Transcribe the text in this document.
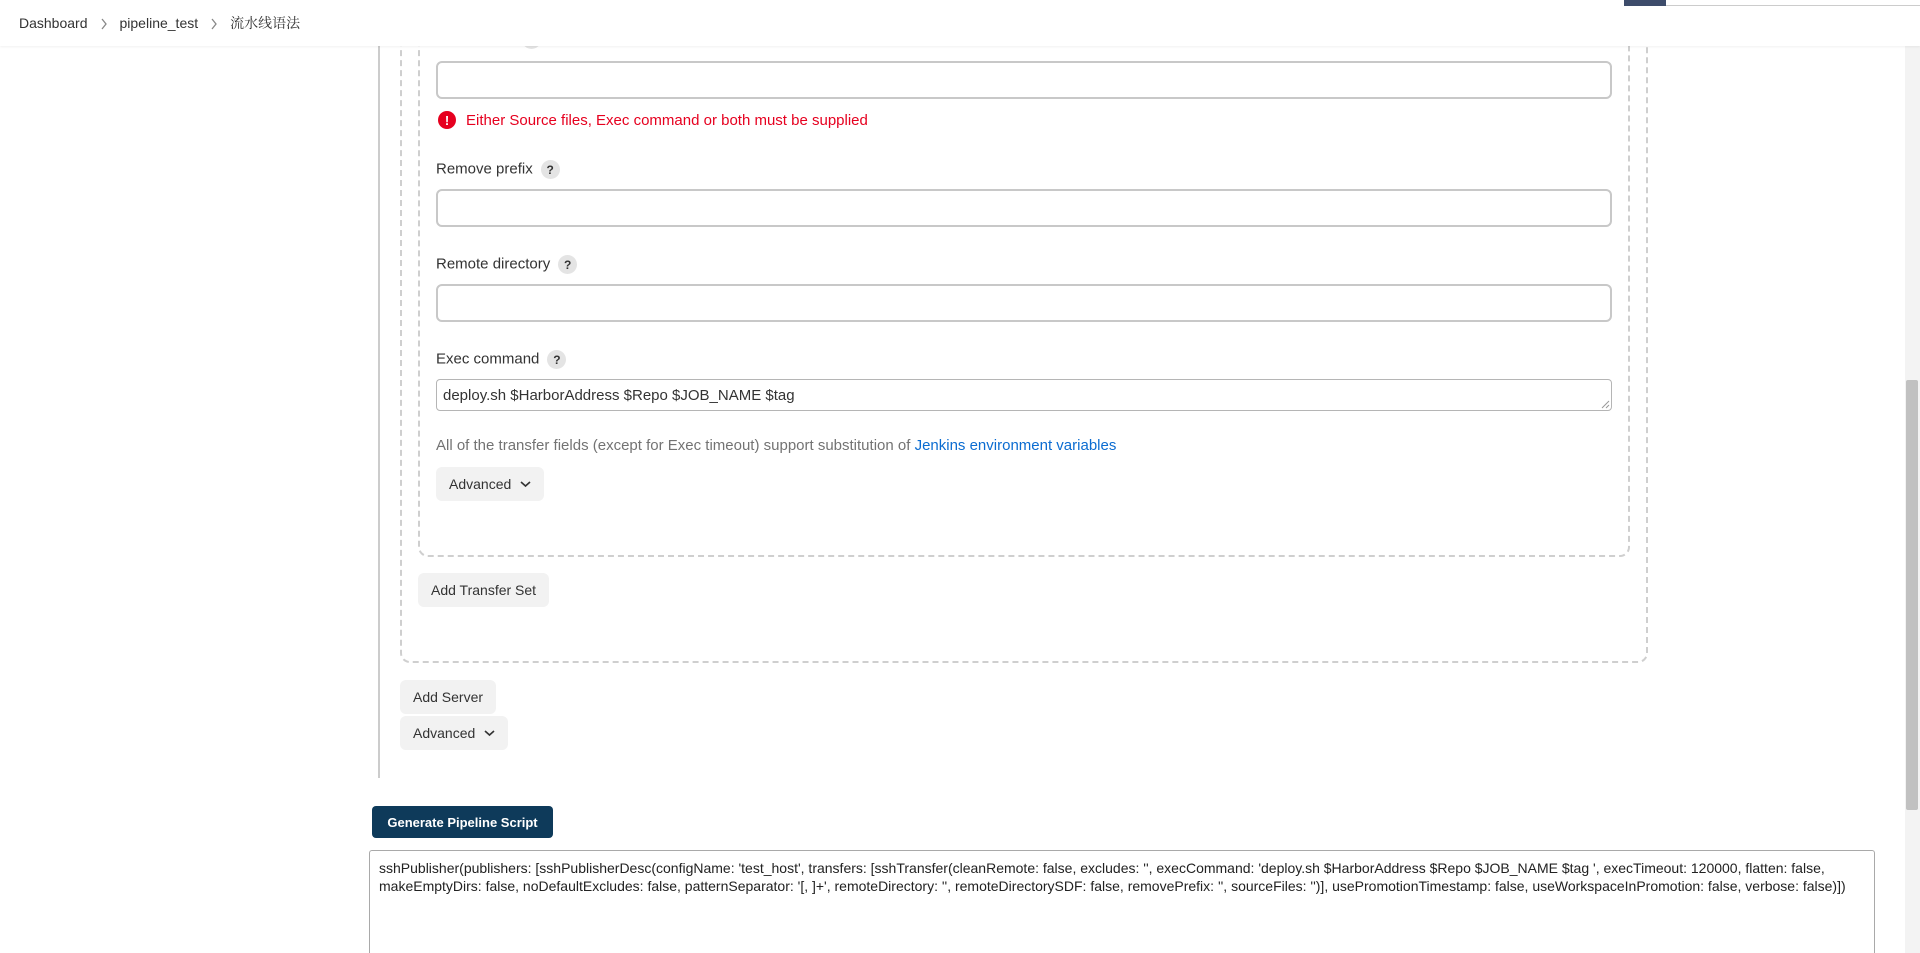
Dashboard pipeline_test 流水线语法
!	Either Source files, Exec command or both must be supplied
Remove prefix ?
Remote directory ?
Exec command ?
deploy.sh $HarborAddress $Repo $JOB_NAME $tag
All of the transfer fields (except for Exec timeout) support substitution of Jenkins environment variables
Advanced
Add Transfer Set
Add Server
Advanced
Generate Pipeline Script
sshPublisher(publishers: [sshPublisherDesc(configName: 'test_host', transfers: [sshTransfer(cleanRemote: false, excludes: '', execCommand: 'deploy.sh $HarborAddress $Repo $JOB_NAME $tag ', execTimeout: 120000, flatten: false, makeEmptyDirs: false, noDefaultExcludes: false, patternSeparator: '[, ]+', remoteDirectory: '', remoteDirectorySDF: false, removePrefix: '', sourceFiles: '')], usePromotionTimestamp: false, useWorkspaceInPromotion: false, verbose: false)])
